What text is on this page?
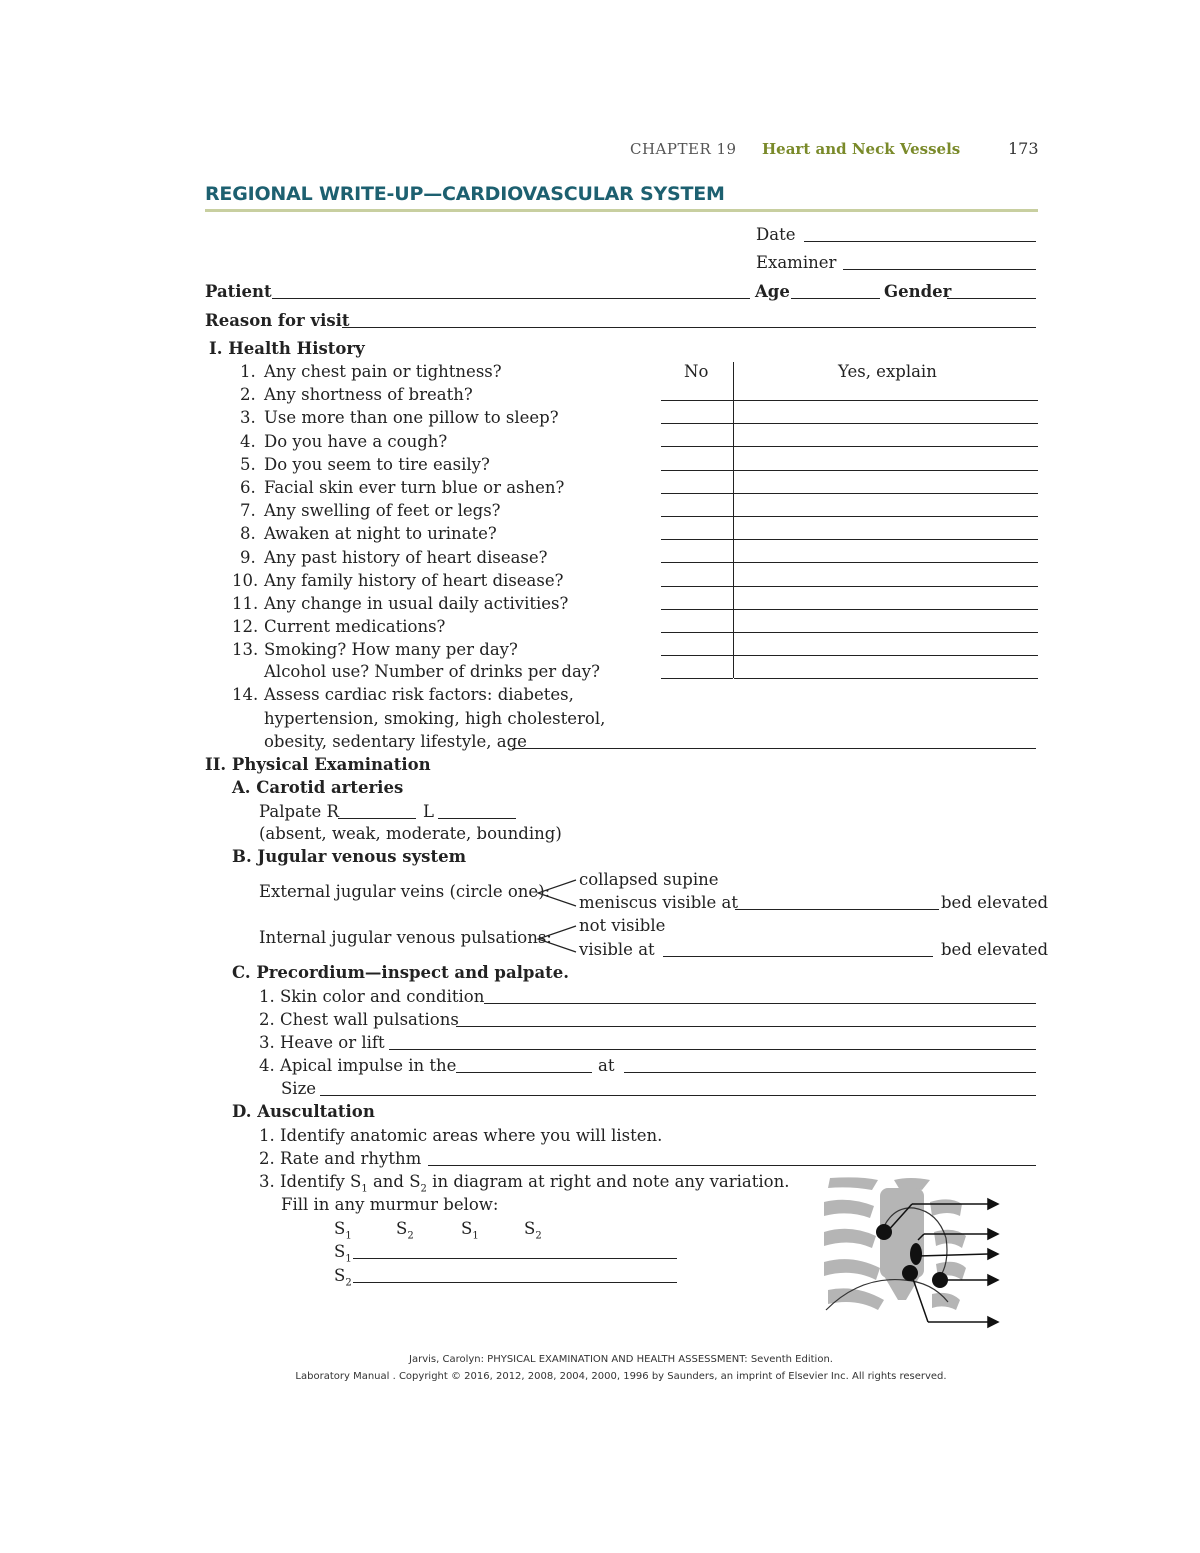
CHAPTER 19 Heart and Neck Vessels	173
REGIONAL WRITE-UP—CARDIOVASCULAR SYSTEM
Date
Examiner
Patient	Age	Gender
Reason for visit
I. Health History
No	Yes, explain
1. Any chest pain or tightness?
2. Any shortness of breath?
3. Use more than one pillow to sleep?
4. Do you have a cough?
5. Do you seem to tire easily?
6. Facial skin ever turn blue or ashen?
7. Any swelling of feet or legs?
8. Awaken at night to urinate?
9. Any past history of heart disease?
10. Any family history of heart disease?
11. Any change in usual daily activities?
12. Current medications?
13. Smoking? How many per day?
Alcohol use? Number of drinks per day?
14. Assess cardiac risk factors: diabetes,
hypertension, smoking, high cholesterol,
obesity, sedentary lifestyle, age
II. Physical Examination
A. Carotid arteries
Palpate R	L
(absent, weak, moderate, bounding)
B. Jugular venous system
External jugular veins (circle one):
collapsed supine
meniscus visible at	bed elevated
Internal jugular venous pulsations:
not visible
visible at	bed elevated
C. Precordium—inspect and palpate.
1. Skin color and condition
2. Chest wall pulsations
3. Heave or lift
4. Apical impulse in the	at
Size
D. Auscultation
1. Identify anatomic areas where you will listen.
2. Rate and rhythm
3. Identify $S_1$ and $S_2$ in diagram at right and note any variation.
Fill in any murmur below:
$S_1$	$S_2$	$S_1$	$S_2$
$S_1$
$S_2$
Jarvis, Carolyn: PHYSICAL EXAMINATION AND HEALTH ASSESSMENT: Seventh Edition.
Laboratory Manual . Copyright © 2016, 2012, 2008, 2004, 2000, 1996 by Saunders, an imprint of Elsevier Inc. All rights reserved.
